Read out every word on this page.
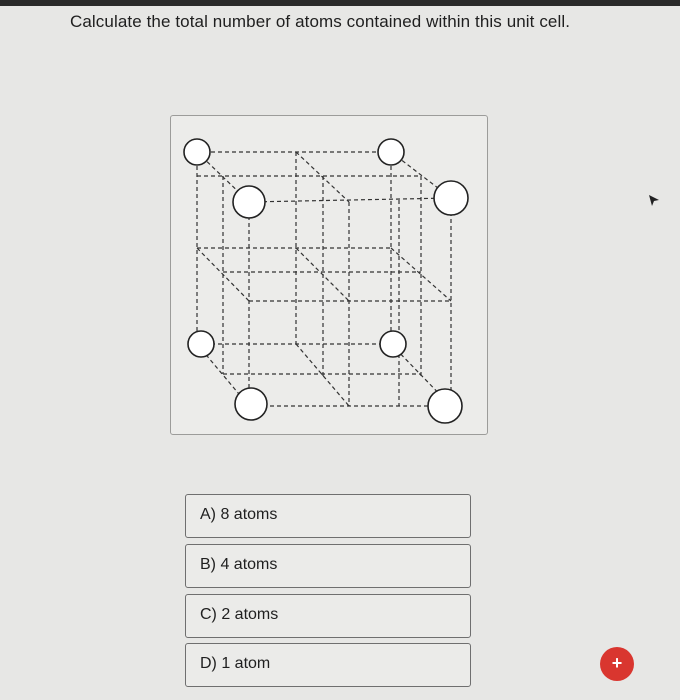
Calculate the total number of atoms contained within this unit cell.
A) 8 atoms
B) 4 atoms
C) 2 atoms
D) 1 atom	+
